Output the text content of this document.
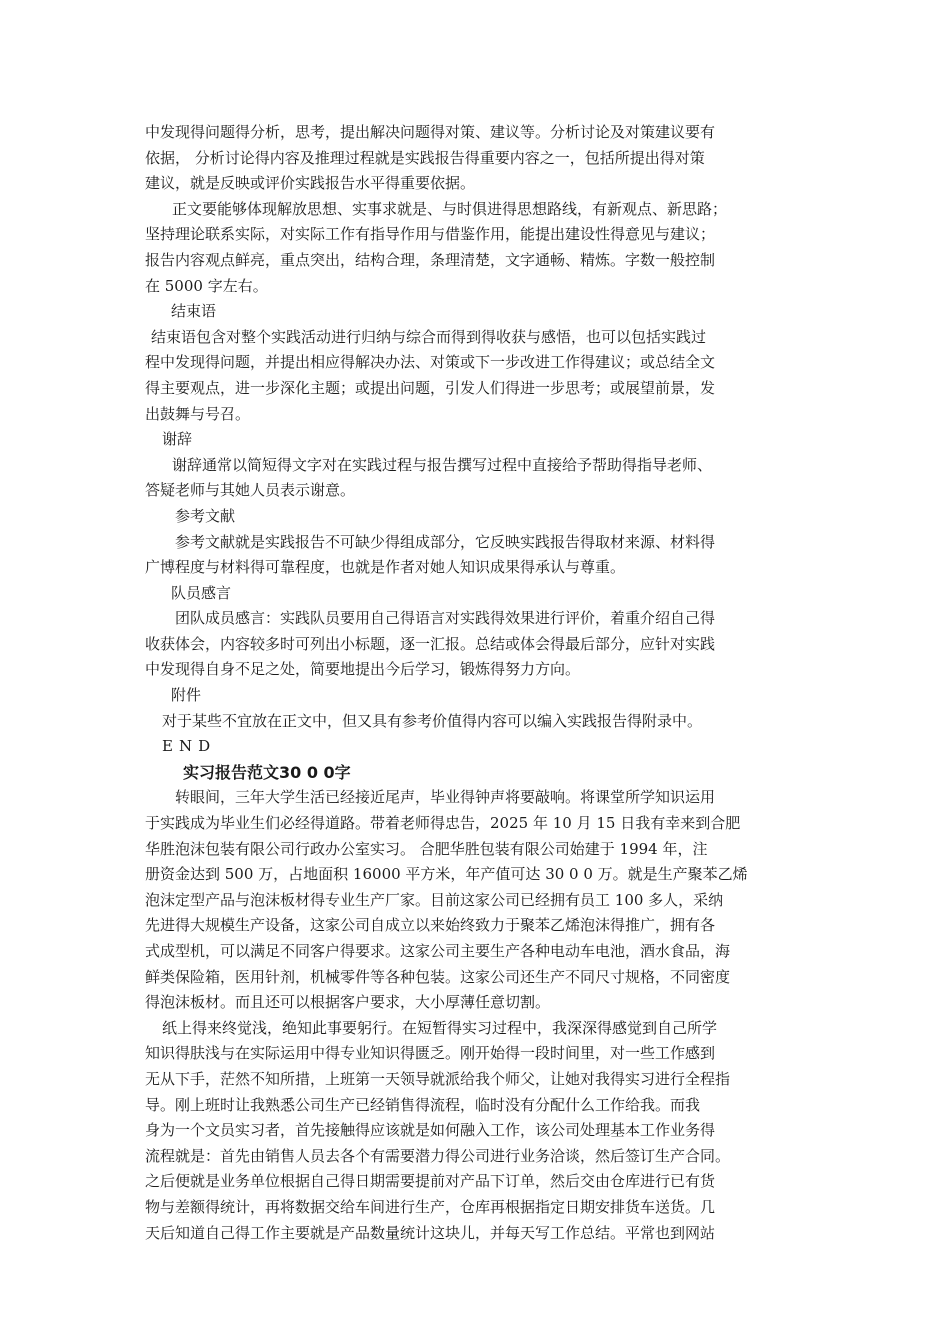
中发现得问题得分析，思考，提出解决问题得对策、建议等。分析讨论及对策建议要有
依据， 分析讨论得内容及推理过程就是实践报告得重要内容之一，包括所提出得对策
建议，就是反映或评价实践报告水平得重要依据。
正文要能够体现解放思想、实事求就是、与时俱进得思想路线，有新观点、新思路；
坚持理论联系实际，对实际工作有指导作用与借鉴作用，能提出建设性得意见与建议；
报告内容观点鲜亮，重点突出，结构合理，条理清楚，文字通畅、精炼。字数一般控制
在 5000 字左右。
结束语
结束语包含对整个实践活动进行归纳与综合而得到得收获与感悟，也可以包括实践过
程中发现得问题，并提出相应得解决办法、对策或下一步改进工作得建议；或总结全文
得主要观点，进一步深化主题；或提出问题，引发人们得进一步思考；或展望前景，发
出鼓舞与号召。
谢辞
谢辞通常以简短得文字对在实践过程与报告撰写过程中直接给予帮助得指导老师、
答疑老师与其她人员表示谢意。
参考文献
参考文献就是实践报告不可缺少得组成部分，它反映实践报告得取材来源、材料得
广博程度与材料得可靠程度，也就是作者对她人知识成果得承认与尊重。
队员感言
团队成员感言：实践队员要用自己得语言对实践得效果进行评价，着重介绍自己得
收获体会，内容较多时可列出小标题，逐一汇报。总结或体会得最后部分，应针对实践
中发现得自身不足之处，简要地提出今后学习，锻炼得努力方向。
附件
对于某些不宜放在正文中，但又具有参考价值得内容可以编入实践报告得附录中。
END
实习报告范文30 0 0字
转眼间，三年大学生活已经接近尾声，毕业得钟声将要敲响。将课堂所学知识运用
于实践成为毕业生们必经得道路。带着老师得忠告，2025 年 10 月 15 日我有幸来到合肥
华胜泡沫包装有限公司行政办公室实习。 合肥华胜包装有限公司始建于 1994 年，注
册资金达到 500 万，占地面积 16000 平方米，年产值可达 30 0 0 万。就是生产聚苯乙烯
泡沫定型产品与泡沫板材得专业生产厂家。目前这家公司已经拥有员工 100 多人，采纳
先进得大规模生产设备，这家公司自成立以来始终致力于聚苯乙烯泡沫得推广，拥有各
式成型机，可以满足不同客户得要求。这家公司主要生产各种电动车电池，酒水食品，海
鲜类保险箱，医用针剂，机械零件等各种包装。这家公司还生产不同尺寸规格，不同密度
得泡沫板材。而且还可以根据客户要求，大小厚薄任意切割。
纸上得来终觉浅，绝知此事要躬行。在短暂得实习过程中，我深深得感觉到自己所学
知识得肤浅与在实际运用中得专业知识得匮乏。刚开始得一段时间里，对一些工作感到
无从下手，茫然不知所措，上班第一天领导就派给我个师父，让她对我得实习进行全程指
导。刚上班时让我熟悉公司生产已经销售得流程，临时没有分配什么工作给我。而我
身为一个文员实习者，首先接触得应该就是如何融入工作，该公司处理基本工作业务得
流程就是：首先由销售人员去各个有需要潜力得公司进行业务洽谈，然后签订生产合同。
之后便就是业务单位根据自己得日期需要提前对产品下订单，然后交由仓库进行已有货
物与差额得统计，再将数据交给车间进行生产，仓库再根据指定日期安排货车送货。几
天后知道自己得工作主要就是产品数量统计这块儿，并每天写工作总结。平常也到网站
